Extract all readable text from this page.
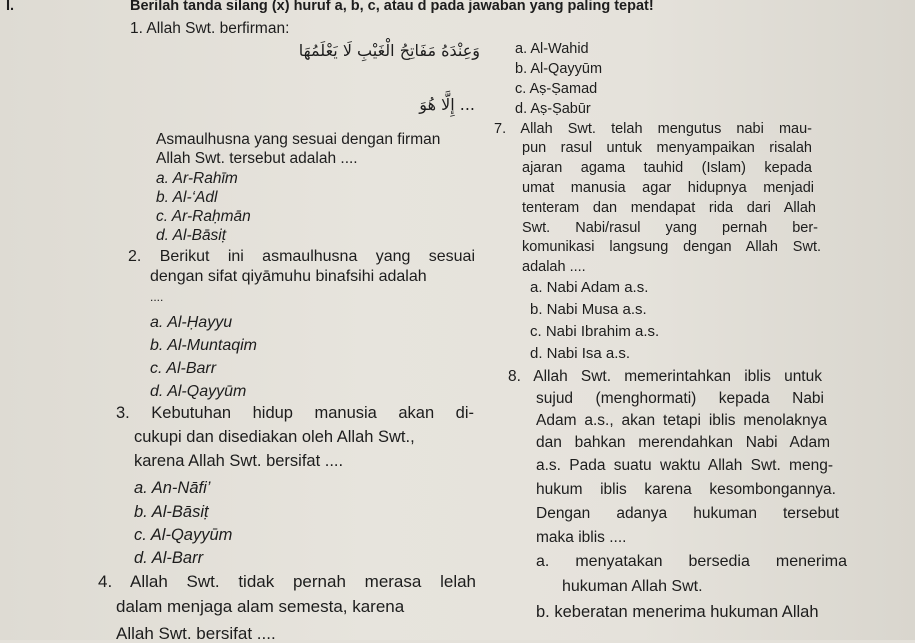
I.	Berilah tanda silang (x) huruf a, b, c, atau d pada jawaban yang paling tepat!
1. Allah Swt. berfirman:
وَعِنْدَهُ مَفَاتِحُ الْغَيْبِ لَا يَعْلَمُهَا
... إِلَّا هُوَ
Asmaulhusna yang sesuai dengan firman
Allah Swt. tersebut adalah ....
a. Ar-Rahīm
b. Al-‘Adl
c. Ar-Raḥmān
d. Al-Bāsiṭ
2. Berikut ini asmaulhusna yang sesuai
dengan sifat qiyāmuhu binafsihi adalah
....
a. Al-Ḥayyu
b. Al-Muntaqim
c. Al-Barr
d. Al-Qayyūm
3. Kebutuhan hidup manusia akan di-
cukupi dan disediakan oleh Allah Swt.,
karena Allah Swt. bersifat ....
a. An-Nāfi’
b. Al-Bāsiṭ
c. Al-Qayyūm
d. Al-Barr
4. Allah Swt. tidak pernah merasa lelah
dalam menjaga alam semesta, karena
Allah Swt. bersifat ....
a. Al-Wahid
b. Al-Qayyūm
c. Aṣ-Ṣamad
d. Aṣ-Ṣabūr
7. Allah Swt. telah mengutus nabi mau-
pun rasul untuk menyampaikan risalah
ajaran agama tauhid (Islam) kepada
umat manusia agar hidupnya menjadi
tenteram dan mendapat rida dari Allah
Swt. Nabi/rasul yang pernah ber-
komunikasi langsung dengan Allah Swt.
adalah ....
a. Nabi Adam a.s.
b. Nabi Musa a.s.
c. Nabi Ibrahim a.s.
d. Nabi Isa a.s.
8. Allah Swt. memerintahkan iblis untuk
sujud (menghormati) kepada Nabi
Adam a.s., akan tetapi iblis menolaknya
dan bahkan merendahkan Nabi Adam
a.s. Pada suatu waktu Allah Swt. meng-
hukum iblis karena kesombongannya.
Dengan adanya hukuman tersebut
maka iblis ....
a. menyatakan bersedia menerima
hukuman Allah Swt.
b. keberatan menerima hukuman Allah
